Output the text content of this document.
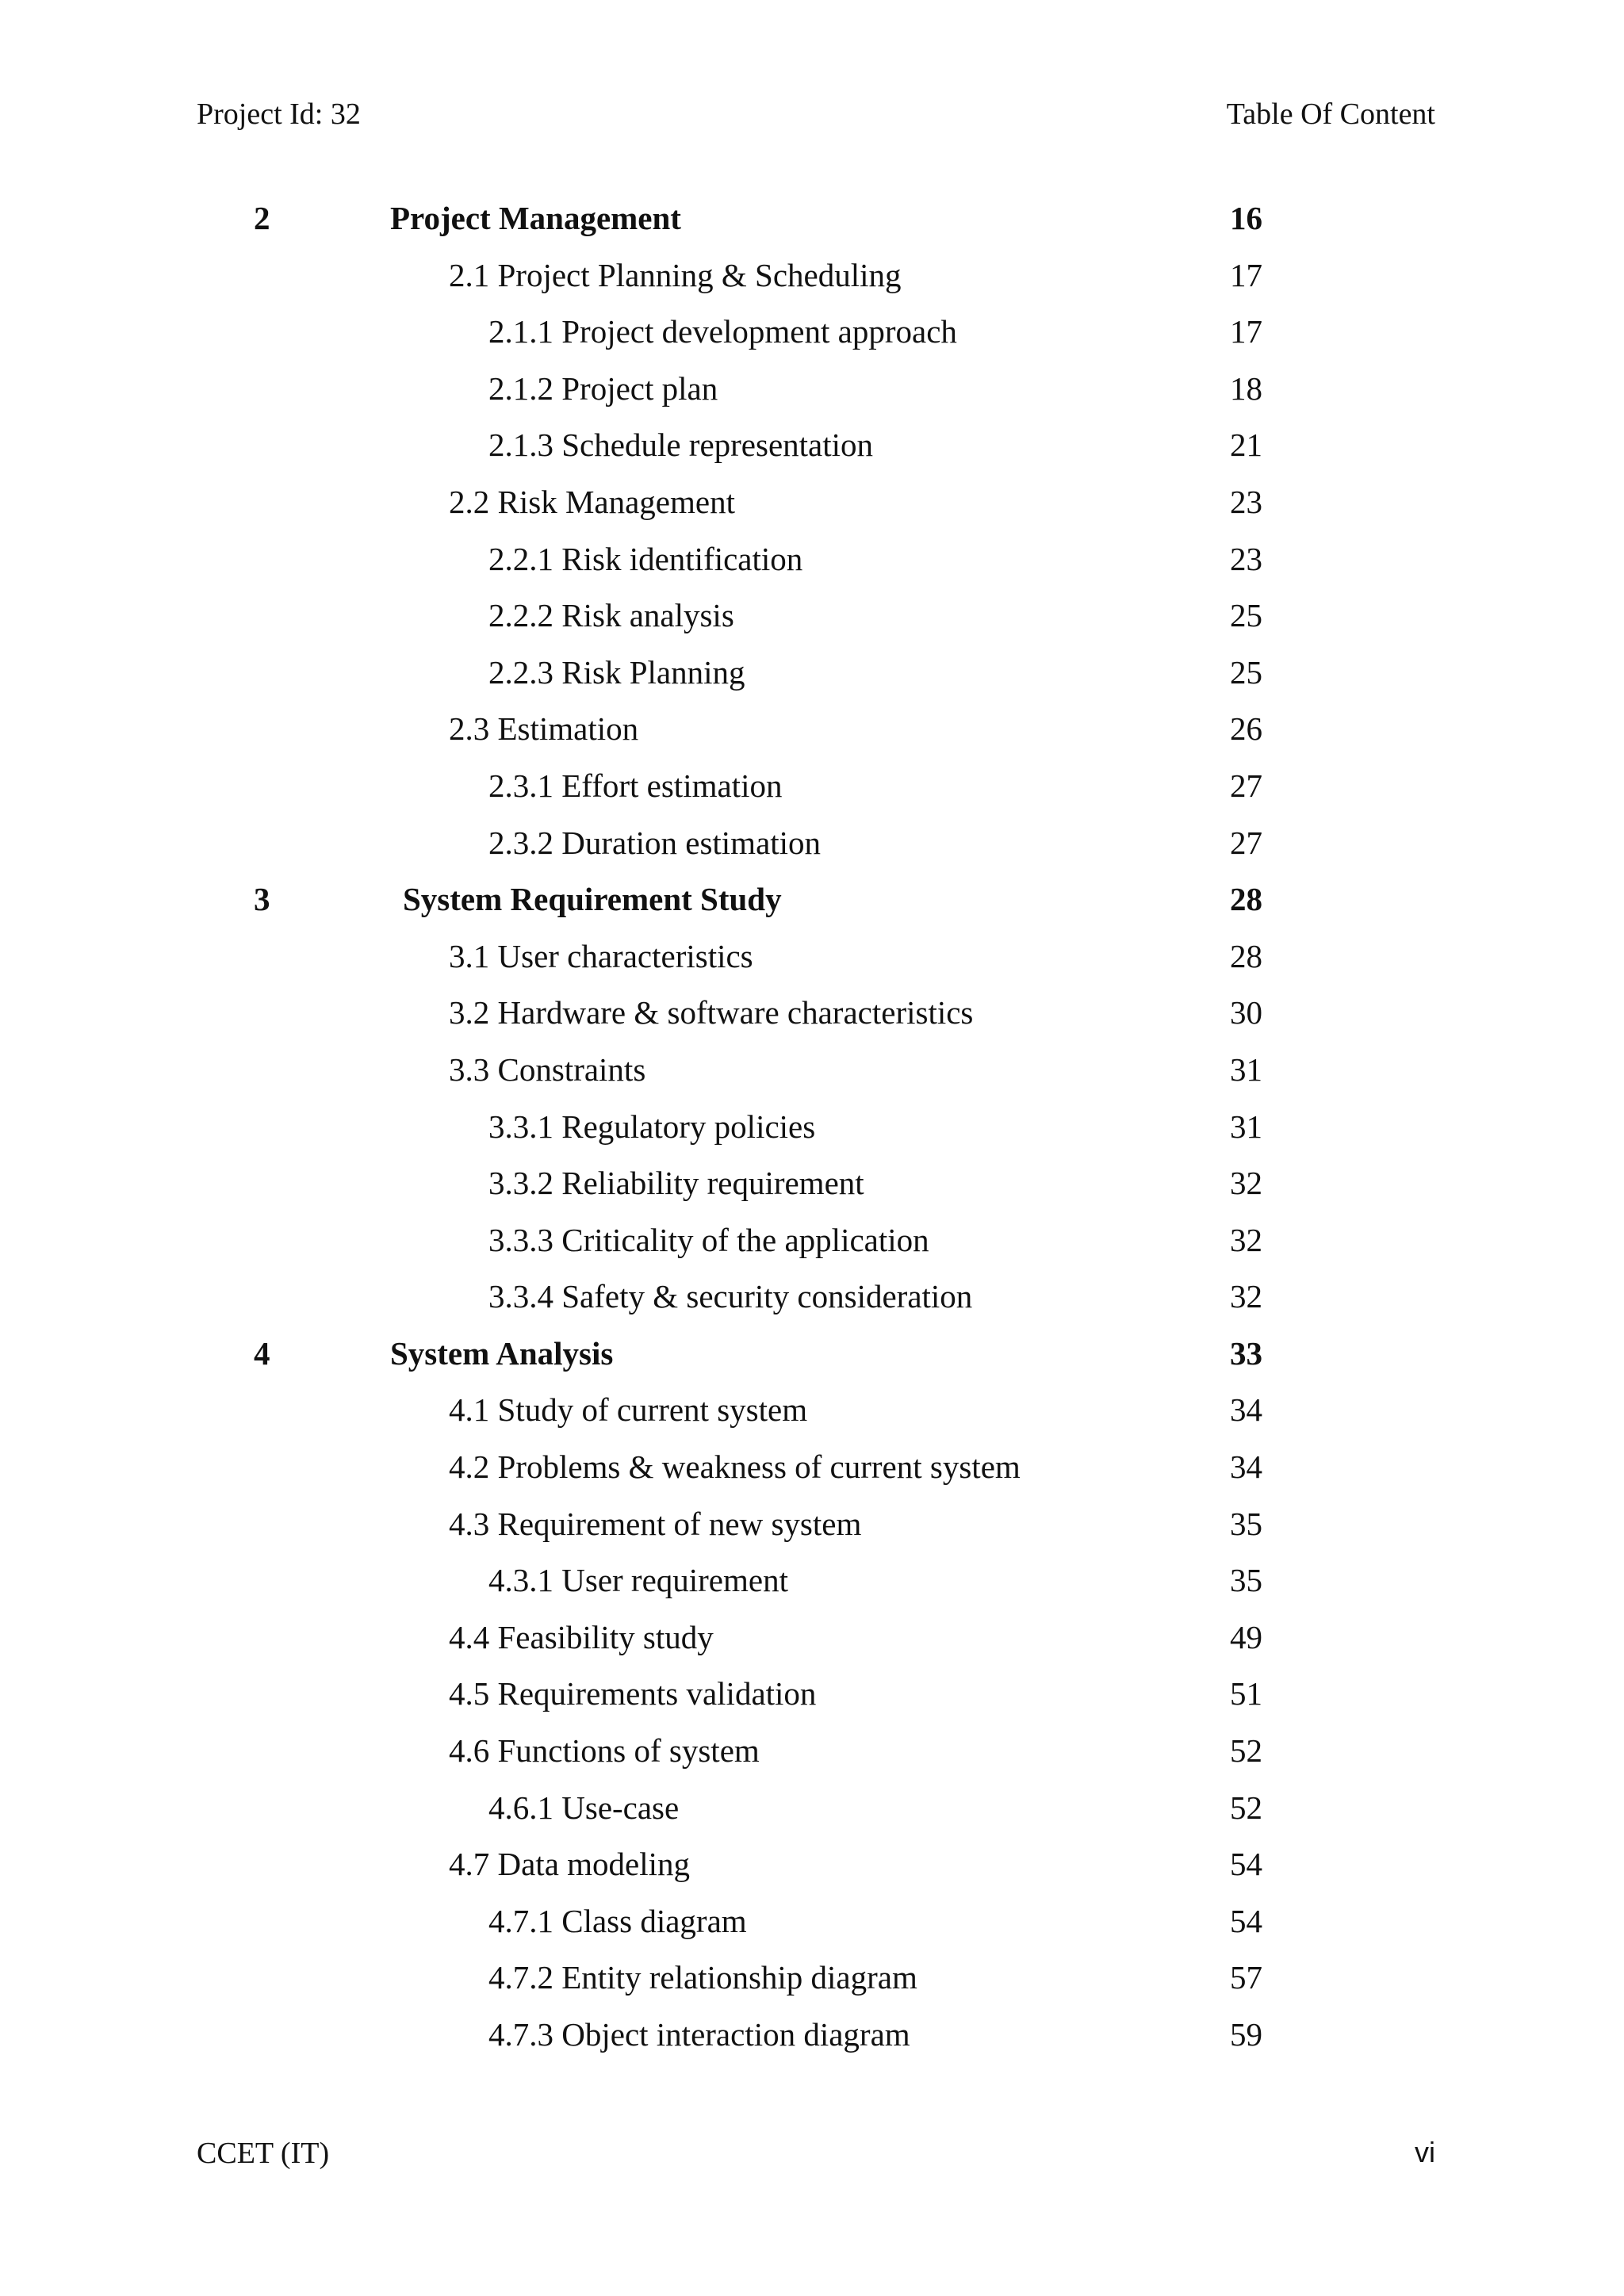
Project Id: 32	Table Of Content
2	Project Management	16
2.1 Project Planning & Scheduling	17
2.1.1 Project development approach	17
2.1.2 Project plan	18
2.1.3 Schedule representation	21
2.2 Risk Management	23
2.2.1 Risk identification	23
2.2.2 Risk analysis	25
2.2.3 Risk Planning	25
2.3 Estimation	26
2.3.1 Effort estimation	27
2.3.2 Duration estimation	27
3	System Requirement Study	28
3.1 User characteristics	28
3.2 Hardware & software characteristics	30
3.3 Constraints	31
3.3.1 Regulatory policies	31
3.3.2 Reliability requirement	32
3.3.3 Criticality of the application	32
3.3.4 Safety & security consideration	32
4	System Analysis	33
4.1 Study of current system	34
4.2 Problems & weakness of current system	34
4.3 Requirement of new system	35
4.3.1 User requirement	35
4.4 Feasibility study	49
4.5 Requirements validation	51
4.6 Functions of system	52
4.6.1 Use-case	52
4.7 Data modeling	54
4.7.1 Class diagram	54
4.7.2 Entity relationship diagram	57
4.7.3 Object interaction diagram	59
CCET (IT)	vi
